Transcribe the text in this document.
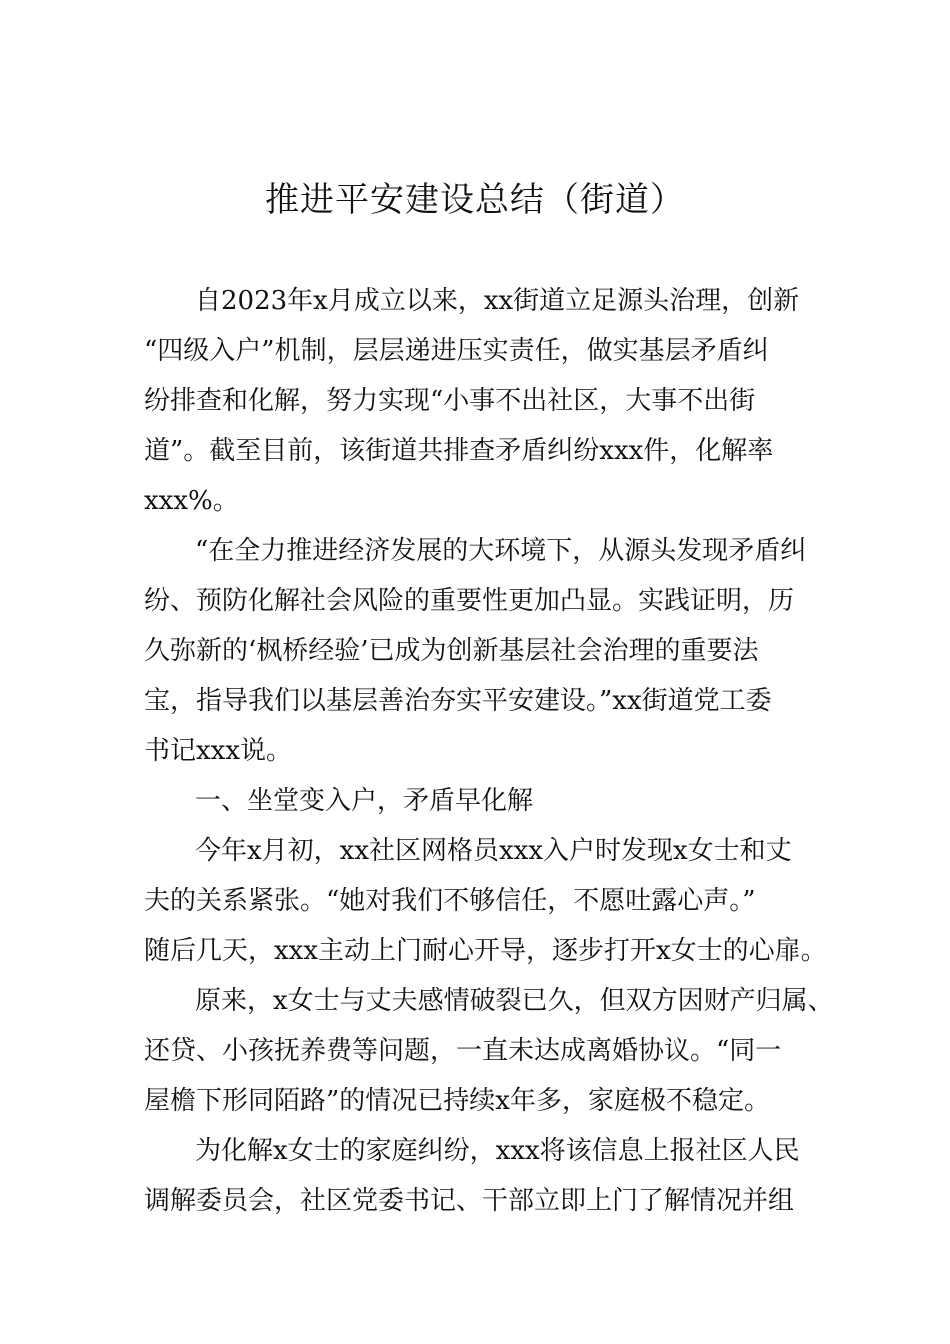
推进平安建设总结（街道）
自2023年x月成立以来，xx街道立足源头治理，创新
“四级入户”机制，层层递进压实责任，做实基层矛盾纠
纷排查和化解，努力实现“小事不出社区，大事不出街
道”。截至目前，该街道共排查矛盾纠纷xxx件，化解率
xxx%。
“在全力推进经济发展的大环境下，从源头发现矛盾纠
纷、预防化解社会风险的重要性更加凸显。实践证明，历
久弥新的‘枫桥经验’已成为创新基层社会治理的重要法
宝，指导我们以基层善治夯实平安建设。”xx街道党工委
书记xxx说。
一、坐堂变入户，矛盾早化解
今年x月初，xx社区网格员xxx入户时发现x女士和丈
夫的关系紧张。“她对我们不够信任，不愿吐露心声。”
随后几天，xxx主动上门耐心开导，逐步打开x女士的心扉。
原来，x女士与丈夫感情破裂已久，但双方因财产归属、
还贷、小孩抚养费等问题，一直未达成离婚协议。“同一
屋檐下形同陌路”的情况已持续x年多，家庭极不稳定。
为化解x女士的家庭纠纷，xxx将该信息上报社区人民
调解委员会，社区党委书记、干部立即上门了解情况并组
